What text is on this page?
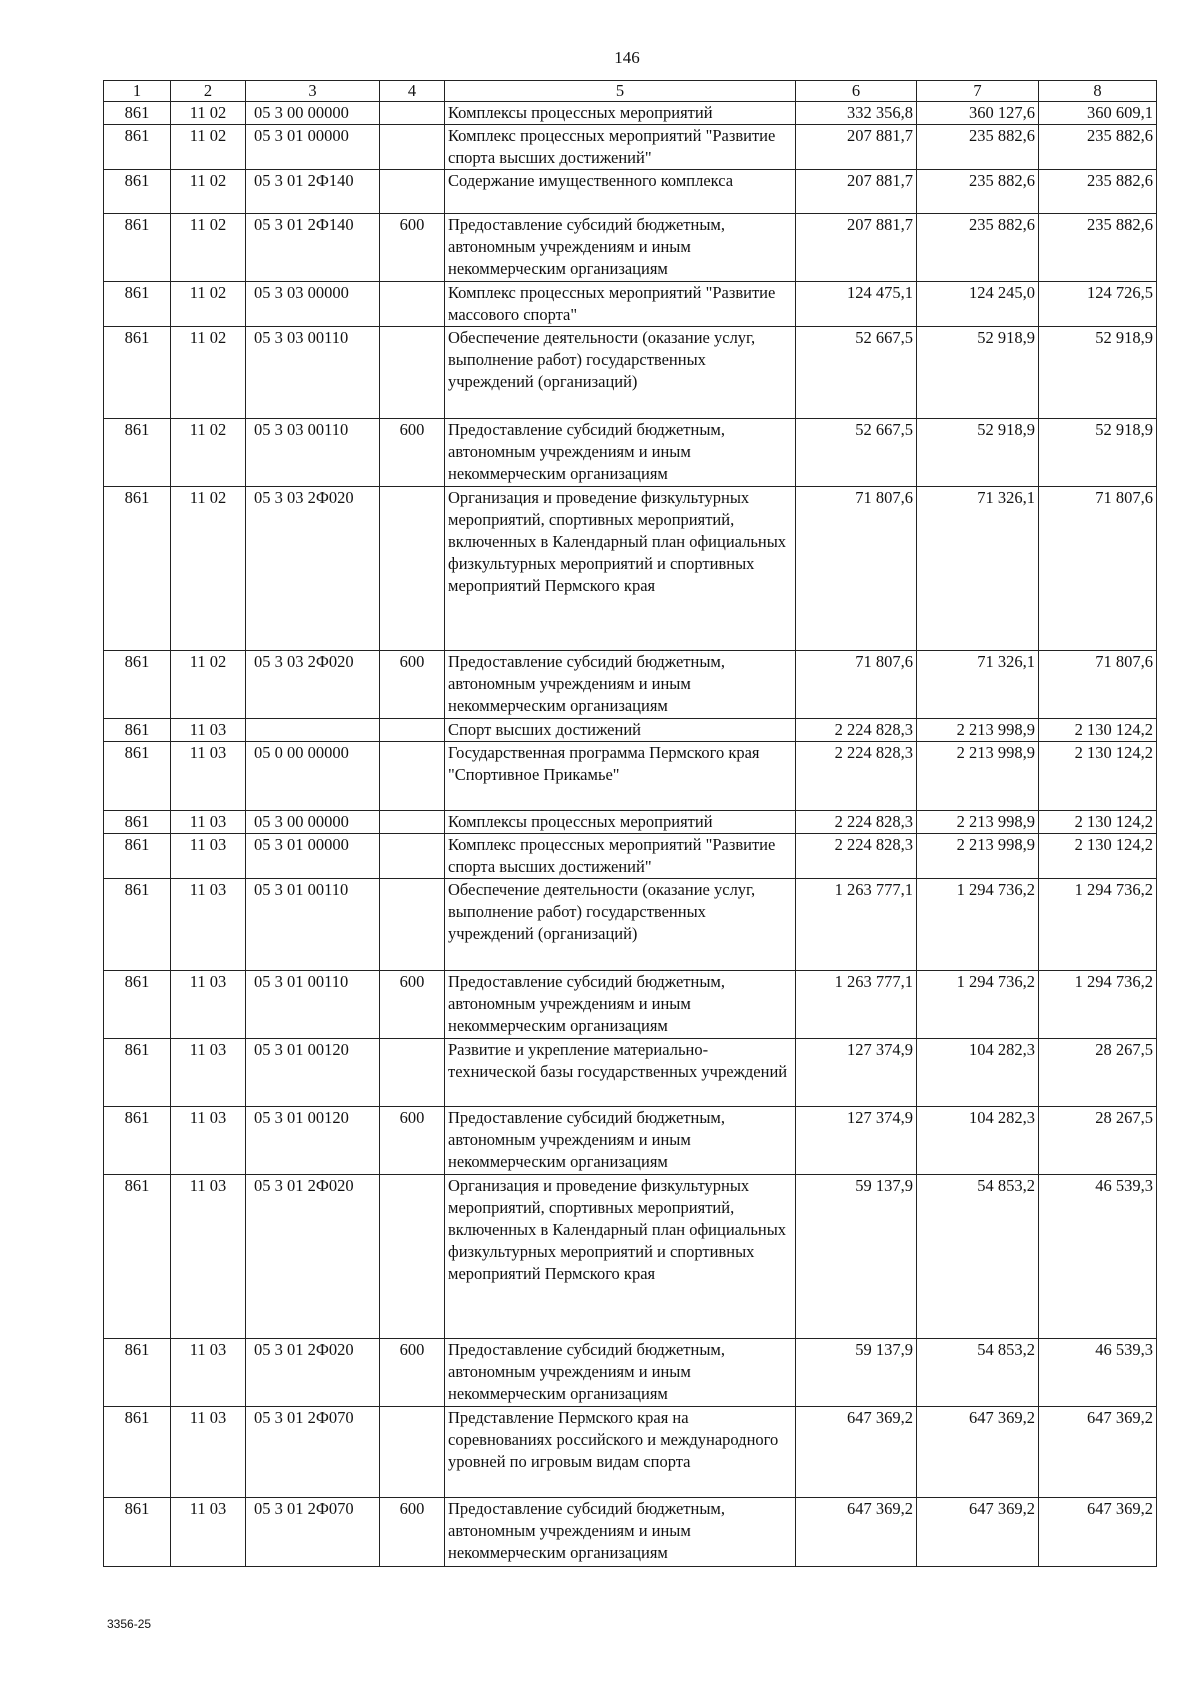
146
1	2	3	4	5	6	7	8
861	11 02	05 3 00 00000		Комплексы процессных мероприятий	332 356,8	360 127,6	360 609,1
861	11 02	05 3 01 00000		Комплекс процессных мероприятий "Развитие спорта высших достижений"	207 881,7	235 882,6	235 882,6
861	11 02	05 3 01 2Ф140		Содержание имущественного комплекса	207 881,7	235 882,6	235 882,6
861	11 02	05 3 01 2Ф140	600	Предоставление субсидий бюджетным, автономным учреждениям и иным некоммерческим организациям	207 881,7	235 882,6	235 882,6
861	11 02	05 3 03 00000		Комплекс процессных мероприятий "Развитие массового спорта"	124 475,1	124 245,0	124 726,5
861	11 02	05 3 03 00110		Обеспечение деятельности (оказание услуг, выполнение работ) государственных учреждений (организаций)	52 667,5	52 918,9	52 918,9
861	11 02	05 3 03 00110	600	Предоставление субсидий бюджетным, автономным учреждениям и иным некоммерческим организациям	52 667,5	52 918,9	52 918,9
861	11 02	05 3 03 2Ф020		Организация и проведение физкультурных мероприятий, спортивных мероприятий, включенных в Календарный план официальных физкультурных мероприятий и спортивных мероприятий Пермского края	71 807,6	71 326,1	71 807,6
861	11 02	05 3 03 2Ф020	600	Предоставление субсидий бюджетным, автономным учреждениям и иным некоммерческим организациям	71 807,6	71 326,1	71 807,6
861	11 03			Спорт высших достижений	2 224 828,3	2 213 998,9	2 130 124,2
861	11 03	05 0 00 00000		Государственная программа Пермского края "Спортивное Прикамье"	2 224 828,3	2 213 998,9	2 130 124,2
861	11 03	05 3 00 00000		Комплексы процессных мероприятий	2 224 828,3	2 213 998,9	2 130 124,2
861	11 03	05 3 01 00000		Комплекс процессных мероприятий "Развитие спорта высших достижений"	2 224 828,3	2 213 998,9	2 130 124,2
861	11 03	05 3 01 00110		Обеспечение деятельности (оказание услуг, выполнение работ) государственных учреждений (организаций)	1 263 777,1	1 294 736,2	1 294 736,2
861	11 03	05 3 01 00110	600	Предоставление субсидий бюджетным, автономным учреждениям и иным некоммерческим организациям	1 263 777,1	1 294 736,2	1 294 736,2
861	11 03	05 3 01 00120		Развитие и укрепление материально-технической базы государственных учреждений	127 374,9	104 282,3	28 267,5
861	11 03	05 3 01 00120	600	Предоставление субсидий бюджетным, автономным учреждениям и иным некоммерческим организациям	127 374,9	104 282,3	28 267,5
861	11 03	05 3 01 2Ф020		Организация и проведение физкультурных мероприятий, спортивных мероприятий, включенных в Календарный план официальных физкультурных мероприятий и спортивных мероприятий Пермского края	59 137,9	54 853,2	46 539,3
861	11 03	05 3 01 2Ф020	600	Предоставление субсидий бюджетным, автономным учреждениям и иным некоммерческим организациям	59 137,9	54 853,2	46 539,3
861	11 03	05 3 01 2Ф070		Представление Пермского края на соревнованиях российского и международного уровней по игровым видам спорта	647 369,2	647 369,2	647 369,2
861	11 03	05 3 01 2Ф070	600	Предоставление субсидий бюджетным, автономным учреждениям и иным некоммерческим организациям	647 369,2	647 369,2	647 369,2
3356-25
